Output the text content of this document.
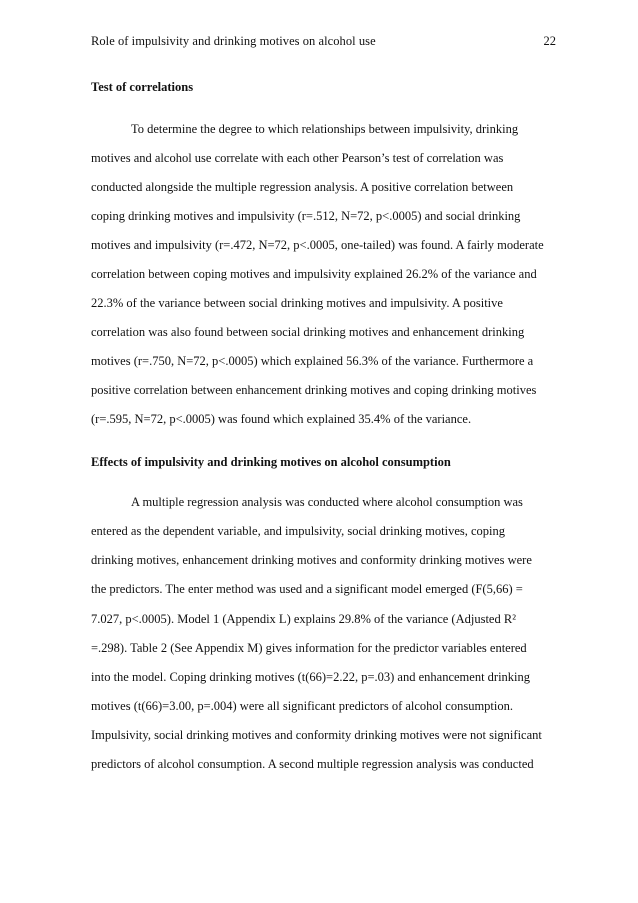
Role of impulsivity and drinking motives on alcohol use	22
Test of correlations
To determine the degree to which relationships between impulsivity, drinking
motives and alcohol use correlate with each other Pearson’s test of correlation was
conducted alongside the multiple regression analysis. A positive correlation between
coping drinking motives and impulsivity (r=.512, N=72, p<.0005) and social drinking
motives and impulsivity (r=.472, N=72, p<.0005, one-tailed) was found. A fairly moderate
correlation between coping motives and impulsivity explained 26.2% of the variance and
22.3% of the variance between social drinking motives and impulsivity. A positive
correlation was also found between social drinking motives and enhancement drinking
motives (r=.750, N=72, p<.0005) which explained 56.3% of the variance. Furthermore a
positive correlation between enhancement drinking motives and coping drinking motives
(r=.595, N=72, p<.0005) was found which explained 35.4% of the variance.
Effects of impulsivity and drinking motives on alcohol consumption
A multiple regression analysis was conducted where alcohol consumption was
entered as the dependent variable, and impulsivity, social drinking motives, coping
drinking motives, enhancement drinking motives and conformity drinking motives were
the predictors. The enter method was used and a significant model emerged (F(5,66) =
7.027, p<.0005). Model 1 (Appendix L) explains 29.8% of the variance (Adjusted R²
=.298). Table 2 (See Appendix M) gives information for the predictor variables entered
into the model. Coping drinking motives (t(66)=2.22, p=.03) and enhancement drinking
motives (t(66)=3.00, p=.004) were all significant predictors of alcohol consumption.
Impulsivity, social drinking motives and conformity drinking motives were not significant
predictors of alcohol consumption. A second multiple regression analysis was conducted
